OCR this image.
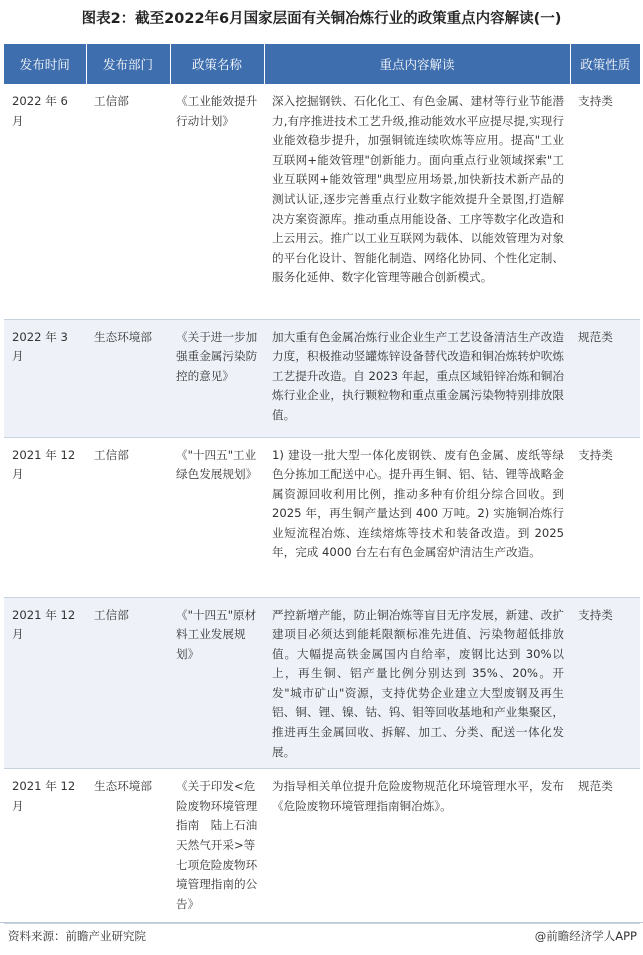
图表2：截至2022年6月国家层面有关铜冶炼行业的政策重点内容解读(一)
发布时间	发布部门	政策名称	重点内容解读	政策性质
2022 年 6 月	工信部	《工业能效提升行动计划》	深入挖掘钢铁、石化化工、有色金属、建材等行业节能潜力,有序推进技术工艺升级,推动能效水平应提尽提,实现行业能效稳步提升，加强铜锍连续吹炼等应用。提高"工业互联网+能效管理"创新能力。面向重点行业领域探索"工业互联网+能效管理"典型应用场景,加快新技术新产品的测试认证,逐步完善重点行业数字能效提升全景图,打造解决方案资源库。推动重点用能设备、工序等数字化改造和上云用云。推广以工业互联网为载体、以能效管理为对象的平台化设计、智能化制造、网络化协同、个性化定制、服务化延伸、数字化管理等融合创新模式。	支持类
2022 年 3 月	生态环境部	《关于进一步加强重金属污染防控的意见》	加大重有色金属冶炼行业企业生产工艺设备清洁生产改造力度，积极推动竖罐炼锌设备替代改造和铜冶炼转炉吹炼工艺提升改造。自 2023 年起，重点区域铅锌冶炼和铜冶炼行业企业，执行颗粒物和重点重金属污染物特别排放限值。	规范类
2021 年 12 月	工信部	《"十四五"工业绿色发展规划》	1) 建设一批大型一体化废钢铁、废有色金属、废纸等绿色分拣加工配送中心。提升再生铜、铝、钴、锂等战略金属资源回收利用比例，推动多种有价组分综合回收。到 2025 年，再生铜产量达到 400 万吨。2) 实施铜冶炼行业短流程冶炼、连续熔炼等技术和装备改造。到 2025 年，完成 4000 台左右有色金属窑炉清洁生产改造。	支持类
2021 年 12 月	工信部	《"十四五"原材料工业发展规划》	严控新增产能，防止铜冶炼等盲目无序发展，新建、改扩建项目必须达到能耗限额标准先进值、污染物超低排放值。大幅提高铁金属国内自给率，废钢比达到 30%以上，再生铜、铝产量比例分别达到 35%、20%。开发"城市矿山"资源，支持优势企业建立大型废钢及再生铝、铜、锂、镍、钴、钨、钼等回收基地和产业集聚区，推进再生金属回收、拆解、加工、分类、配送一体化发展。	支持类
2021 年 12 月	生态环境部	《关于印发<危险废物环境管理指南　陆上石油天然气开采>等七项危险废物环境管理指南的公告》	为指导相关单位提升危险废物规范化环境管理水平，发布《危险废物环境管理指南铜冶炼》。	规范类
资料来源：前瞻产业研究院	@前瞻经济学人APP
